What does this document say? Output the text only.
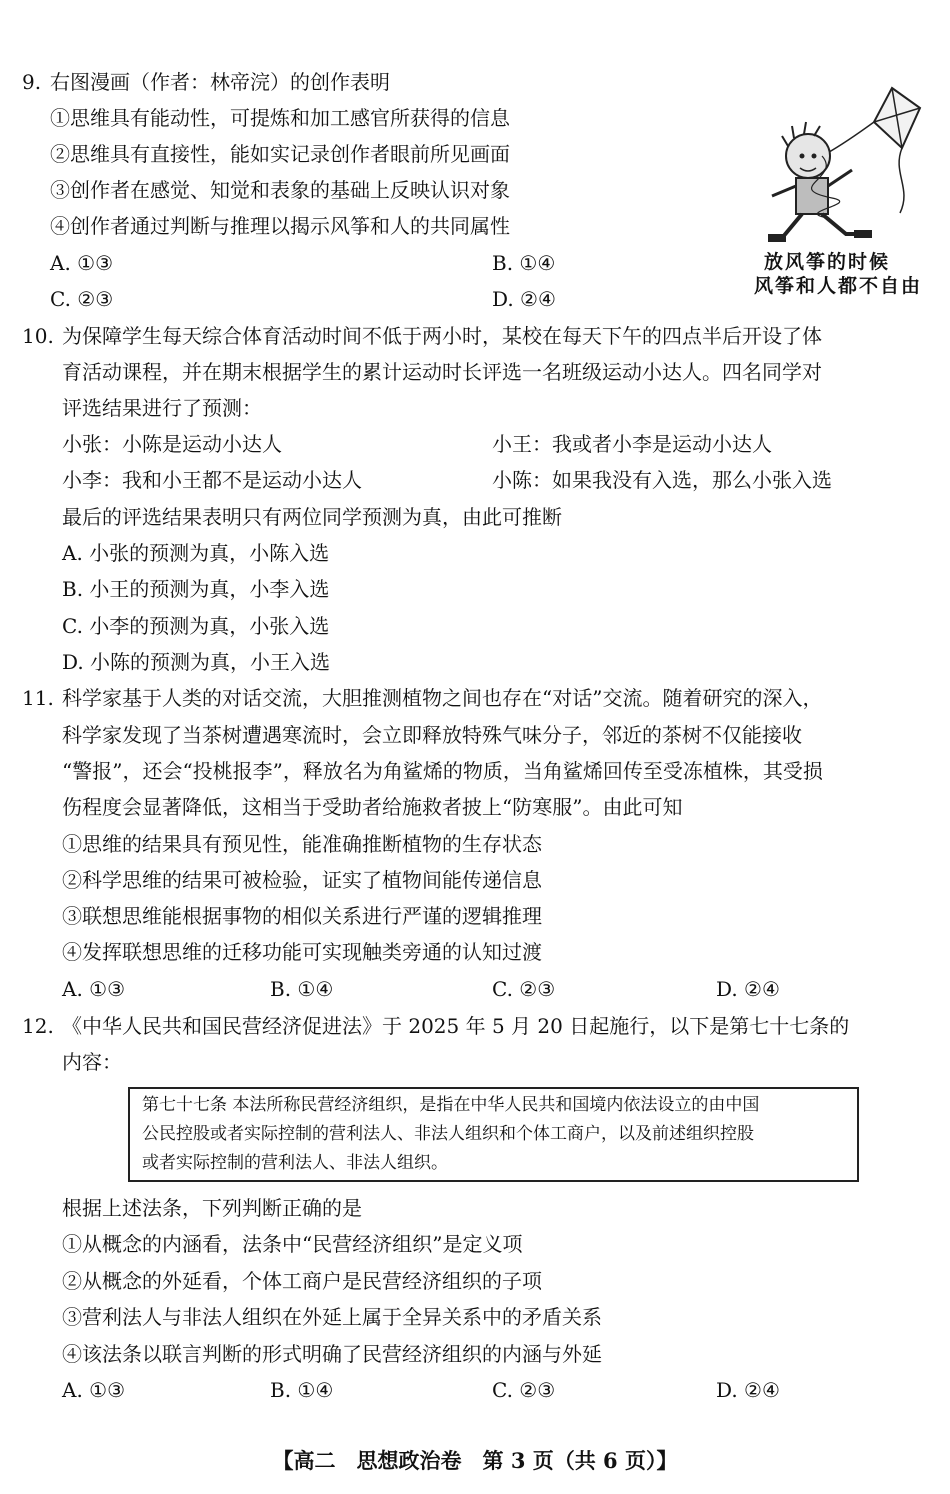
9. 右图漫画（作者：林帝浣）的创作表明
①思维具有能动性，可提炼和加工感官所获得的信息
②思维具有直接性，能如实记录创作者眼前所见画面
③创作者在感觉、知觉和表象的基础上反映认识对象
④创作者通过判断与推理以揭示风筝和人的共同属性
A. ①③	B. ①④
C. ②③	D. ②④
放风筝的时候
风筝和人都不自由
10. 为保障学生每天综合体育活动时间不低于两小时，某校在每天下午的四点半后开设了体
育活动课程，并在期末根据学生的累计运动时长评选一名班级运动小达人。四名同学对
评选结果进行了预测：
小张：小陈是运动小达人	小王：我或者小李是运动小达人
小李：我和小王都不是运动小达人	小陈：如果我没有入选，那么小张入选
最后的评选结果表明只有两位同学预测为真，由此可推断
A. 小张的预测为真，小陈入选
B. 小王的预测为真，小李入选
C. 小李的预测为真，小张入选
D. 小陈的预测为真，小王入选
11. 科学家基于人类的对话交流，大胆推测植物之间也存在“对话”交流。随着研究的深入，
科学家发现了当茶树遭遇寒流时，会立即释放特殊气味分子，邻近的茶树不仅能接收
“警报”，还会“投桃报李”，释放名为角鲨烯的物质，当角鲨烯回传至受冻植株，其受损
伤程度会显著降低，这相当于受助者给施救者披上“防寒服”。由此可知
①思维的结果具有预见性，能准确推断植物的生存状态
②科学思维的结果可被检验，证实了植物间能传递信息
③联想思维能根据事物的相似关系进行严谨的逻辑推理
④发挥联想思维的迁移功能可实现触类旁通的认知过渡
A. ①③	B. ①④	C. ②③	D. ②④
12. 《中华人民共和国民营经济促进法》于 2025 年 5 月 20 日起施行，以下是第七十七条的
内容：
第七十七条 本法所称民营经济组织，是指在中华人民共和国境内依法设立的由中国
公民控股或者实际控制的营利法人、非法人组织和个体工商户，以及前述组织控股
或者实际控制的营利法人、非法人组织。
根据上述法条，下列判断正确的是
①从概念的内涵看，法条中“民营经济组织”是定义项
②从概念的外延看，个体工商户是民营经济组织的子项
③营利法人与非法人组织在外延上属于全异关系中的矛盾关系
④该法条以联言判断的形式明确了民营经济组织的内涵与外延
A. ①③	B. ①④	C. ②③	D. ②④
【高二　思想政治卷　第 3 页（共 6 页）】
